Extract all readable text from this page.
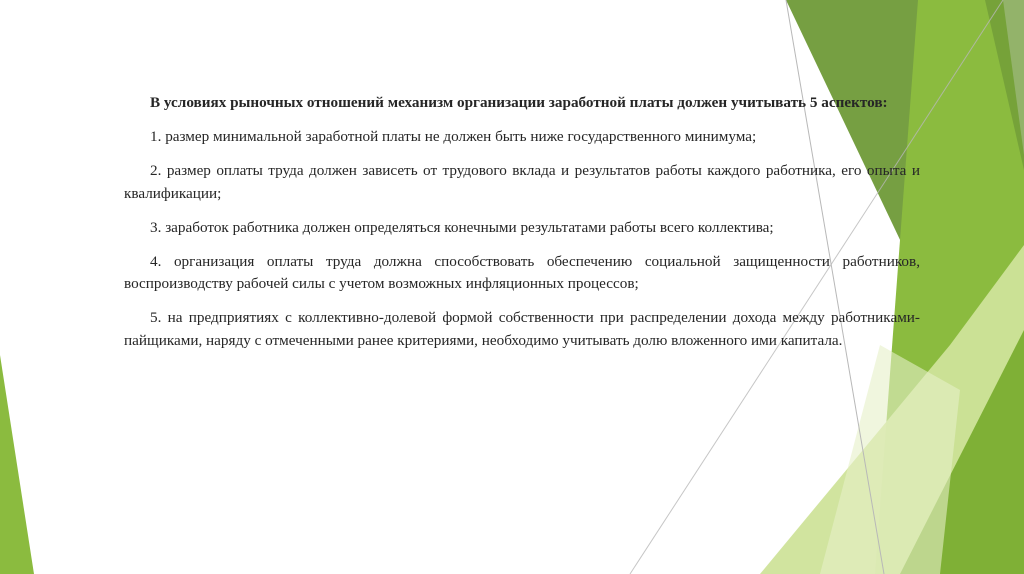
В условиях рыночных отношений механизм организации заработной платы должен учитывать 5 аспектов:

1. размер минимальной заработной платы не должен быть ниже государственного минимума;

2. размер оплаты труда должен зависеть от трудового вклада и результатов работы каждого работника, его опыта и квалификации;

3. заработок работника должен определяться конечными результатами работы всего коллектива;

4. организация оплаты труда должна способствовать обеспечению социальной защищенности работников, воспроизводству рабочей силы с учетом возможных инфляционных процессов;

5. на предприятиях с коллективно-долевой формой собственности при распределении дохода между работниками-пайщиками, наряду с отмеченными ранее критериями, необходимо учитывать долю вложенного ими капитала.
